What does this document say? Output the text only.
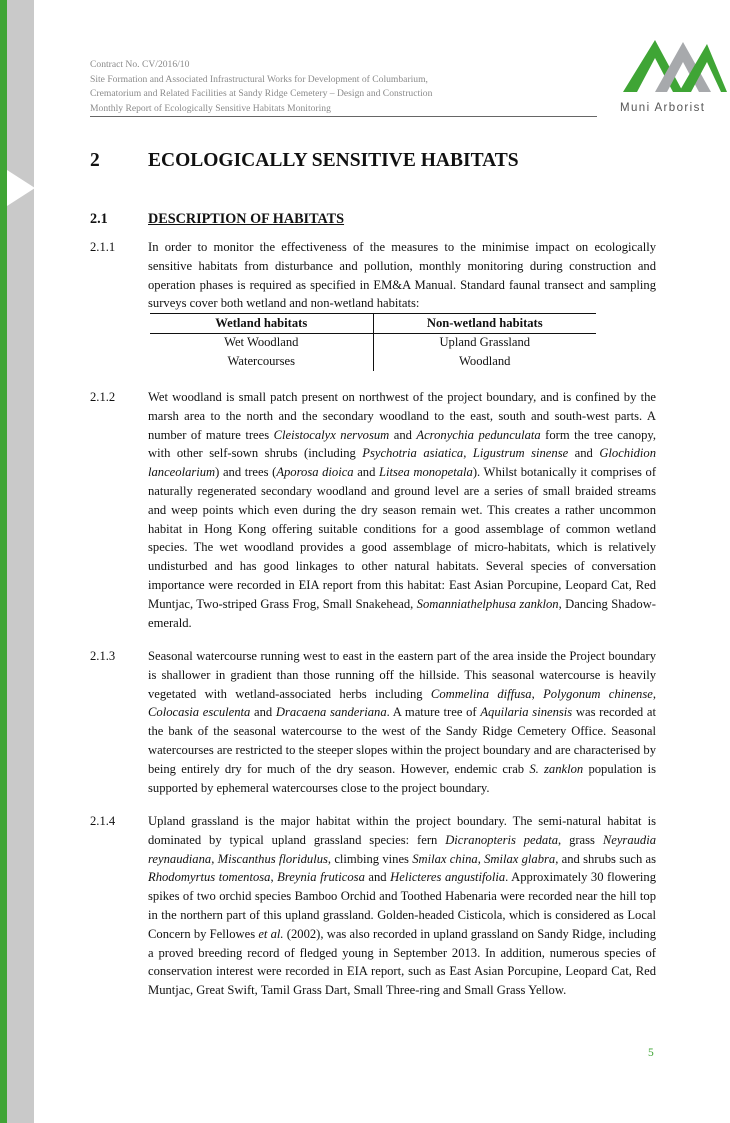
Contract No. CV/2016/10
Site Formation and Associated Infrastructural Works for Development of Columbarium,
Crematorium and Related Facilities at Sandy Ridge Cemetery – Design and Construction
Monthly Report of Ecologically Sensitive Habitats Monitoring	Muni Arborist
2 ECOLOGICALLY SENSITIVE HABITATS
2.1	DESCRIPTION OF HABITATS
2.1.1	In order to monitor the effectiveness of the measures to the minimise impact on ecologically sensitive habitats from disturbance and pollution, monthly monitoring during construction and operation phases is required as specified in EM&A Manual. Standard faunal transect and sampling surveys cover both wetland and non-wetland habitats:

Wetland habitats	Non-wetland habitats
Wet Woodland	Upland Grassland
Watercourses	Woodland
2.1.2	Wet woodland is small patch present on northwest of the project boundary, and is confined by the marsh area to the north and the secondary woodland to the east, south and south-west parts. A number of mature trees Cleistocalyx nervosum and Acronychia pedunculata form the tree canopy, with other self-sown shrubs (including Psychotria asiatica, Ligustrum sinense and Glochidion lanceolarium) and trees (Aporosa dioica and Litsea monopetala). Whilst botanically it comprises of naturally regenerated secondary woodland and ground level are a series of small braided streams and weep points which even during the dry season remain wet. This creates a rather uncommon habitat in Hong Kong offering suitable conditions for a good assemblage of common wetland species. The wet woodland provides a good assemblage of micro-habitats, which is relatively undisturbed and has good linkages to other natural habitats. Several species of conversation importance were recorded in EIA report from this habitat: East Asian Porcupine, Leopard Cat, Red Muntjac, Two-striped Grass Frog, Small Snakehead, Somanniathelphusa zanklon, Dancing Shadow-emerald.

2.1.3	Seasonal watercourse running west to east in the eastern part of the area inside the Project boundary is shallower in gradient than those running off the hillside. This seasonal watercourse is heavily vegetated with wetland-associated herbs including Commelina diffusa, Polygonum chinense, Colocasia esculenta and Dracaena sanderiana. A mature tree of Aquilaria sinensis was recorded at the bank of the seasonal watercourse to the west of the Sandy Ridge Cemetery Office. Seasonal watercourses are restricted to the steeper slopes within the project boundary and are characterised by being entirely dry for much of the dry season. However, endemic crab S. zanklon population is supported by ephemeral watercourses close to the project boundary.

2.1.4	Upland grassland is the major habitat within the project boundary. The semi-natural habitat is dominated by typical upland grassland species: fern Dicranopteris pedata, grass Neyraudia reynaudiana, Miscanthus floridulus, climbing vines Smilax china, Smilax glabra, and shrubs such as Rhodomyrtus tomentosa, Breynia fruticosa and Helicteres angustifolia. Approximately 30 flowering spikes of two orchid species Bamboo Orchid and Toothed Habenaria were recorded near the hill top in the northern part of this upland grassland. Golden-headed Cisticola, which is considered as Local Concern by Fellowes et al. (2002), was also recorded in upland grassland on Sandy Ridge, including a proved breeding record of fledged young in September 2013. In addition, numerous species of conservation interest were recorded in EIA report, such as East Asian Porcupine, Leopard Cat, Red Muntjac, Great Swift, Tamil Grass Dart, Small Three-ring and Small Grass Yellow.

5
